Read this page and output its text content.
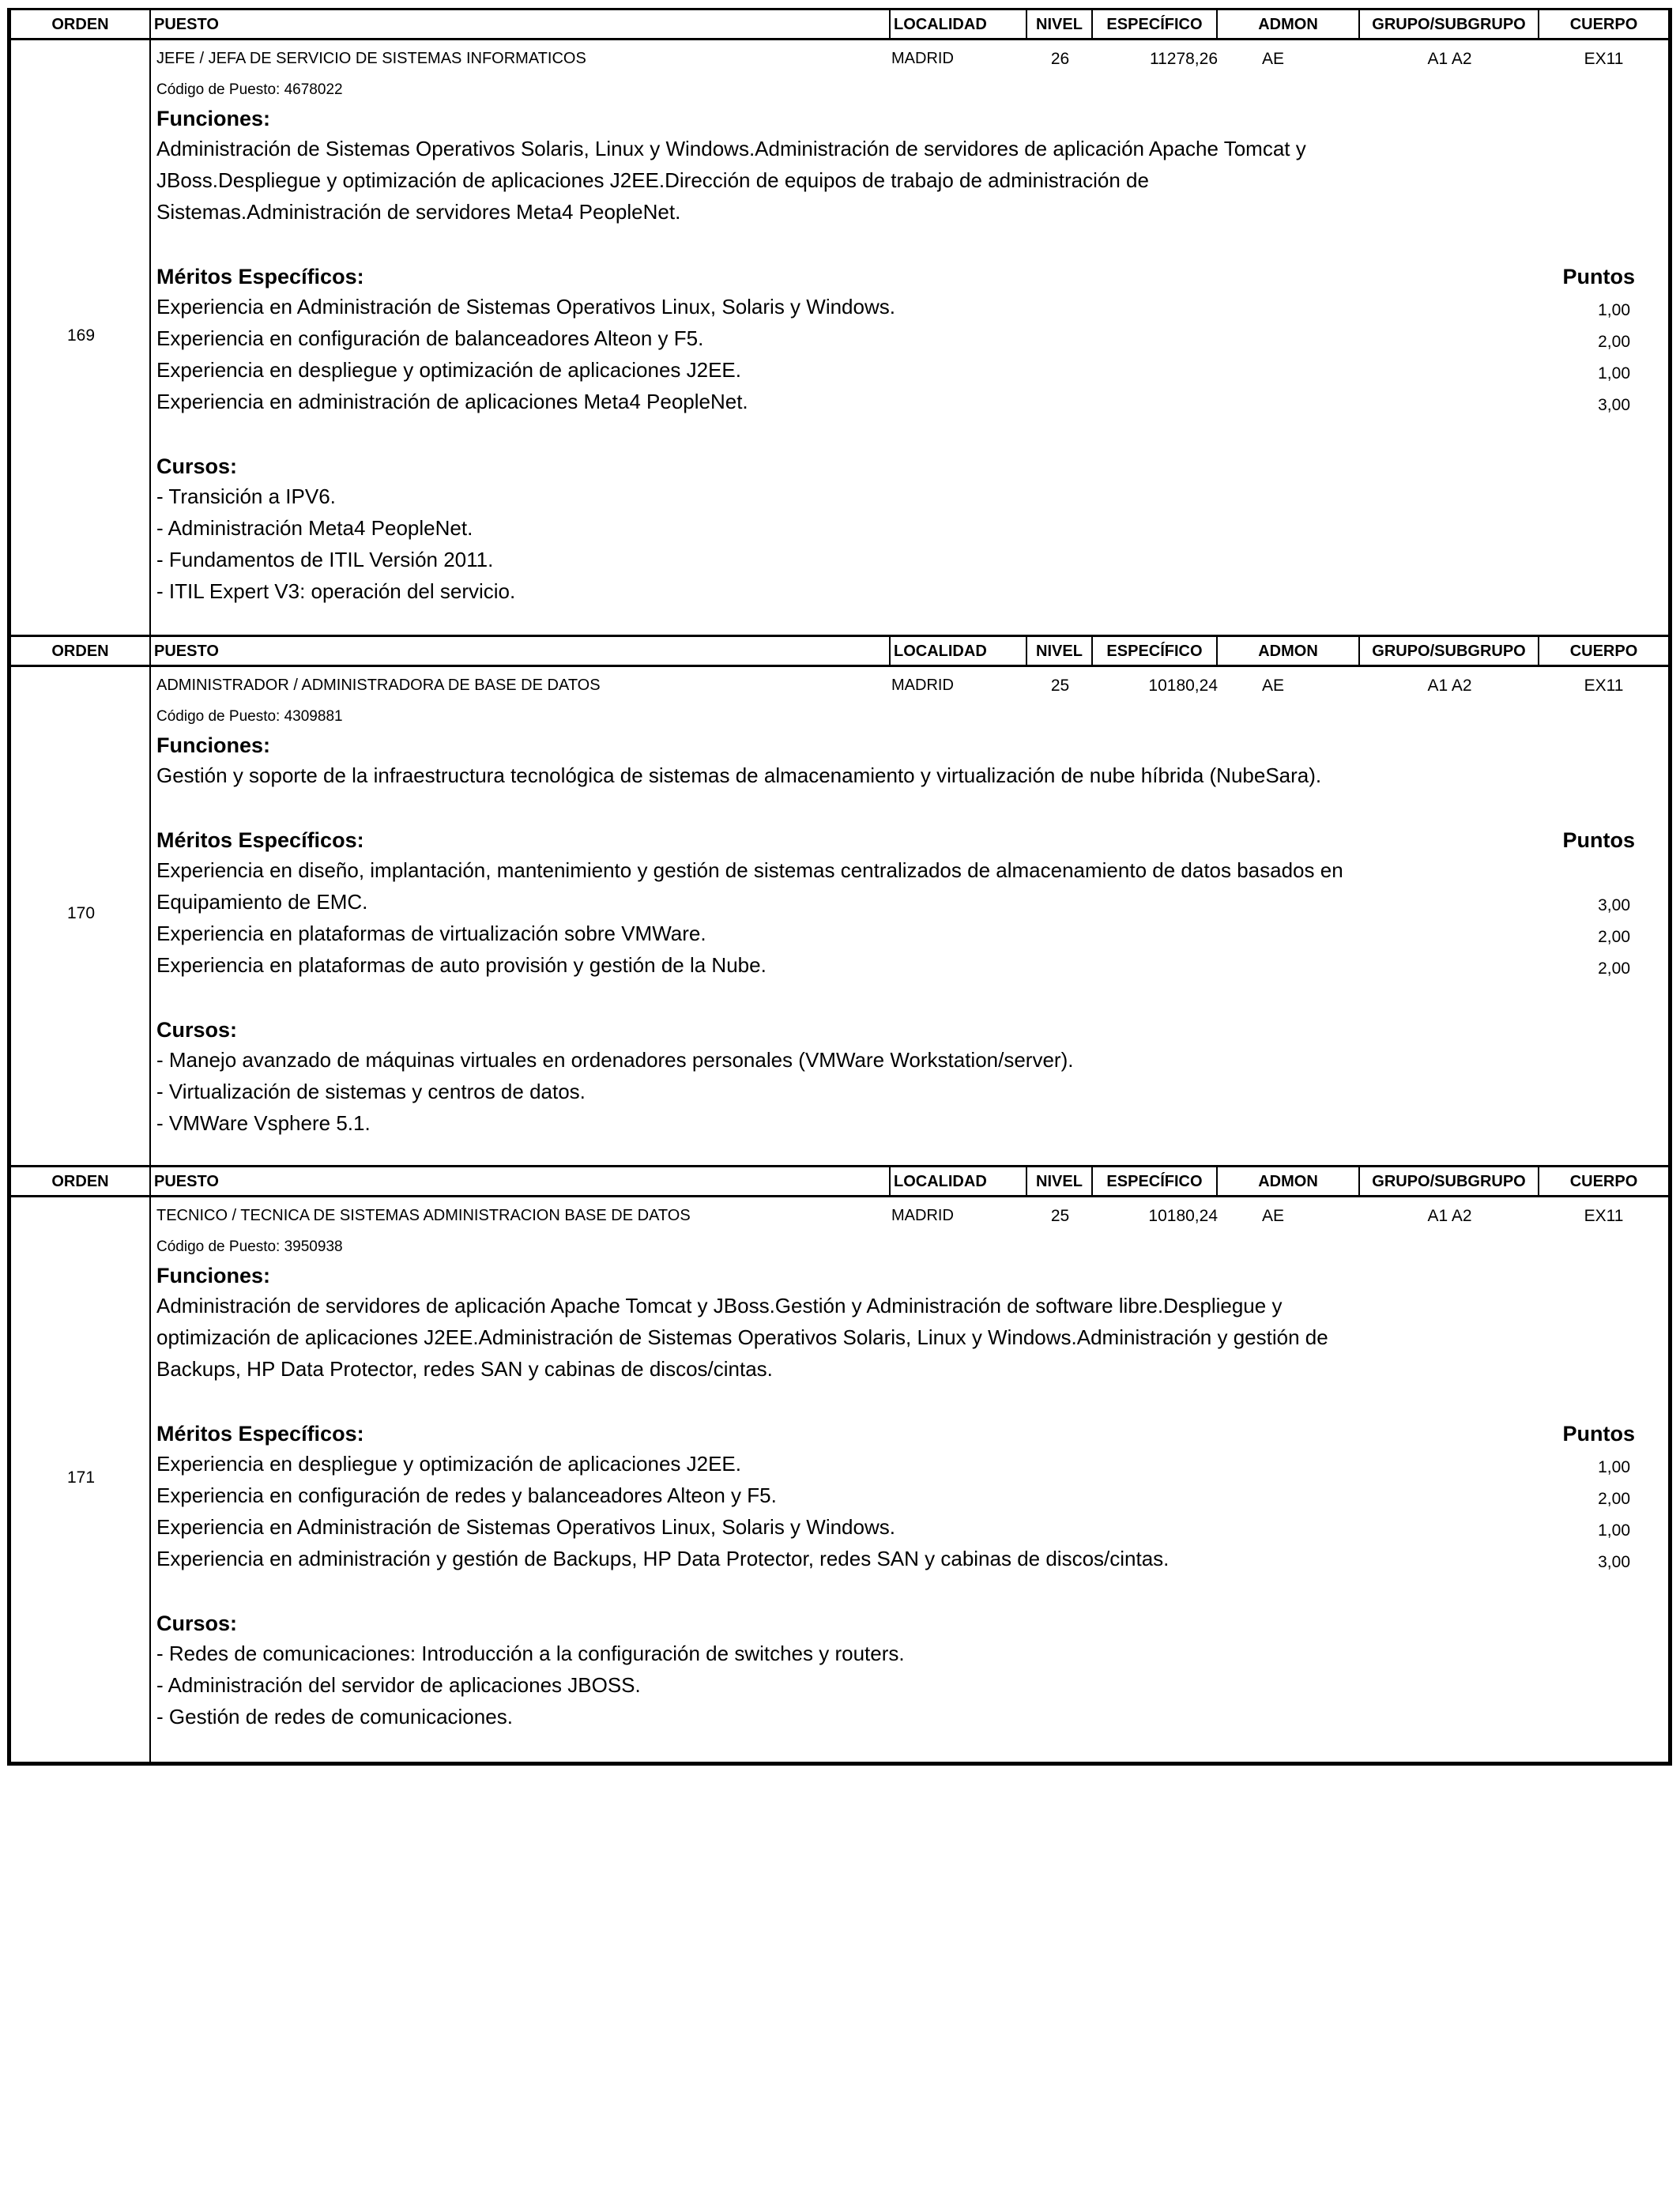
ORDEN	PUESTO	LOCALIDAD	NIVEL	ESPECÍFICO	ADMON	GRUPO/SUBGRUPO	CUERPO
169
JEFE / JEFA DE SERVICIO DE SISTEMAS INFORMATICOS	MADRID	26	11278,26	AE	A1 A2	EX11
Código de Puesto: 4678022
Funciones:
Administración de Sistemas Operativos Solaris, Linux y Windows.Administración de servidores de aplicación Apache Tomcat y
JBoss.Despliegue y optimización de aplicaciones J2EE.Dirección de equipos de trabajo de administración de
Sistemas.Administración de servidores Meta4 PeopleNet.
Méritos Específicos:	Puntos
Experiencia en Administración de Sistemas Operativos Linux, Solaris y Windows.	1,00
Experiencia en configuración de balanceadores Alteon y F5.	2,00
Experiencia en despliegue y optimización de aplicaciones J2EE.	1,00
Experiencia en administración de aplicaciones Meta4 PeopleNet.	3,00
Cursos:
- Transición a IPV6.
- Administración Meta4 PeopleNet.
- Fundamentos de ITIL Versión 2011.
- ITIL Expert V3: operación del servicio.
ORDEN	PUESTO	LOCALIDAD	NIVEL	ESPECÍFICO	ADMON	GRUPO/SUBGRUPO	CUERPO
170
ADMINISTRADOR / ADMINISTRADORA DE BASE DE DATOS	MADRID	25	10180,24	AE	A1 A2	EX11
Código de Puesto: 4309881
Funciones:
Gestión y soporte de la infraestructura tecnológica de sistemas de almacenamiento y virtualización de nube híbrida (NubeSara).
Méritos Específicos:	Puntos
Experiencia en diseño, implantación, mantenimiento y gestión de sistemas centralizados de almacenamiento de datos basados en
Equipamiento de EMC.	3,00
Experiencia en plataformas de virtualización sobre VMWare.	2,00
Experiencia en plataformas de auto provisión y gestión de la Nube.	2,00
Cursos:
- Manejo avanzado de máquinas virtuales en ordenadores personales (VMWare Workstation/server).
- Virtualización de sistemas y centros de datos.
- VMWare Vsphere 5.1.
ORDEN	PUESTO	LOCALIDAD	NIVEL	ESPECÍFICO	ADMON	GRUPO/SUBGRUPO	CUERPO
171
TECNICO / TECNICA DE SISTEMAS ADMINISTRACION BASE DE DATOS	MADRID	25	10180,24	AE	A1 A2	EX11
Código de Puesto: 3950938
Funciones:
Administración de servidores de aplicación Apache Tomcat y JBoss.Gestión y Administración de software libre.Despliegue y
optimización de aplicaciones J2EE.Administración de Sistemas Operativos Solaris, Linux y Windows.Administración y gestión de
Backups, HP Data Protector, redes SAN y cabinas de discos/cintas.
Méritos Específicos:	Puntos
Experiencia en despliegue y optimización de aplicaciones J2EE.	1,00
Experiencia en configuración de redes y balanceadores Alteon y F5.	2,00
Experiencia en Administración de Sistemas Operativos Linux, Solaris y Windows.	1,00
Experiencia en administración y gestión de Backups, HP Data Protector, redes SAN y cabinas de discos/cintas.	3,00
Cursos:
- Redes de comunicaciones: Introducción a la configuración de switches y routers.
- Administración del servidor de aplicaciones JBOSS.
- Gestión de redes de comunicaciones.
